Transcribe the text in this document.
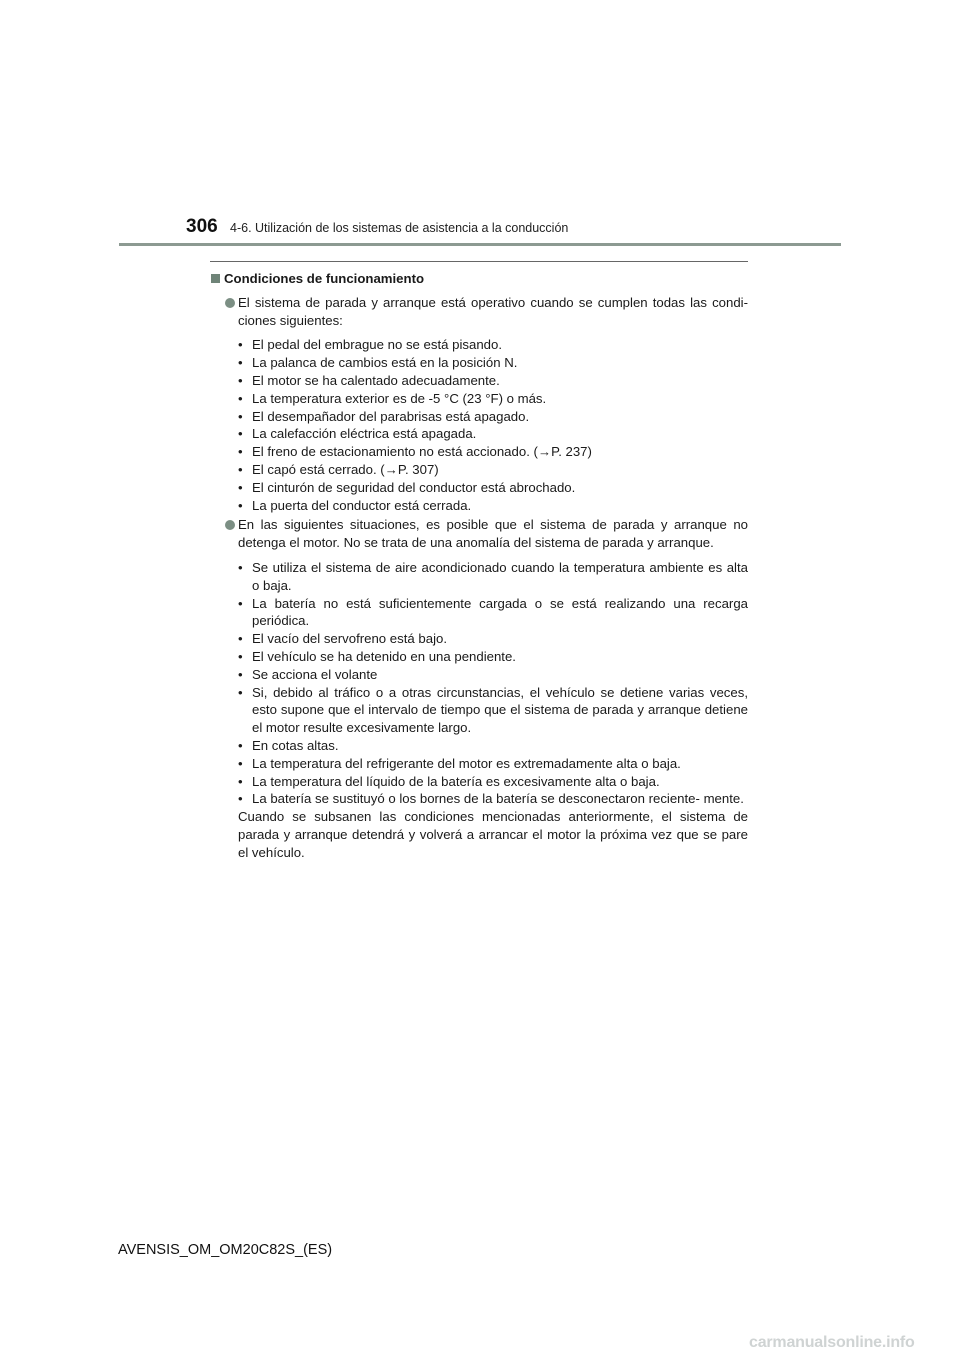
306 4-6. Utilización de los sistemas de asistencia a la conducción
Condiciones de funcionamiento
El sistema de parada y arranque está operativo cuando se cumplen todas las condi- ciones siguientes:
• El pedal del embrague no se está pisando.
• La palanca de cambios está en la posición N.
• El motor se ha calentado adecuadamente.
• La temperatura exterior es de -5 °C (23 °F) o más.
• El desempañador del parabrisas está apagado.
• La calefacción eléctrica está apagada.
• El freno de estacionamiento no está accionado. (→P. 237)
• El capó está cerrado. (→P. 307)
• El cinturón de seguridad del conductor está abrochado.
• La puerta del conductor está cerrada.
En las siguientes situaciones, es posible que el sistema de parada y arranque no detenga el motor. No se trata de una anomalía del sistema de parada y arranque.
• Se utiliza el sistema de aire acondicionado cuando la temperatura ambiente es alta o baja.
• La batería no está suficientemente cargada o se está realizando una recarga periódica.
• El vacío del servofreno está bajo.
• El vehículo se ha detenido en una pendiente.
• Se acciona el volante
• Si, debido al tráfico o a otras circunstancias, el vehículo se detiene varias veces, esto supone que el intervalo de tiempo que el sistema de parada y arranque detiene el motor resulte excesivamente largo.
• En cotas altas.
• La temperatura del refrigerante del motor es extremadamente alta o baja.
• La temperatura del líquido de la batería es excesivamente alta o baja.
• La batería se sustituyó o los bornes de la batería se desconectaron reciente- mente.
Cuando se subsanen las condiciones mencionadas anteriormente, el sistema de parada y arranque detendrá y volverá a arrancar el motor la próxima vez que se pare el vehículo.
AVENSIS_OM_OM20C82S_(ES)
carmanualsonline.info
